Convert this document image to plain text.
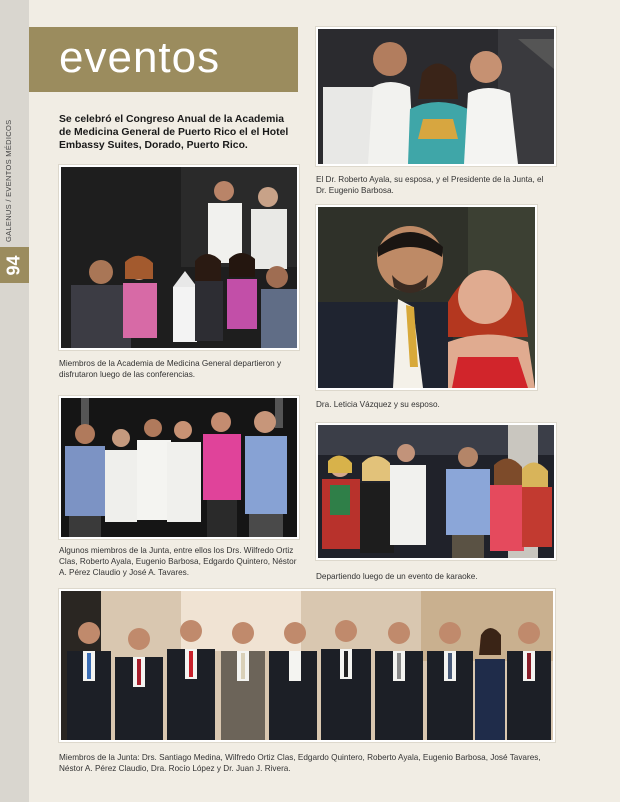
GALENUS / EVENTOS MÉDICOS
94
eventos
Se celebró el Congreso Anual de la Academia de Medicina General de Puerto Rico el el Hotel Embassy Suites, Dorado, Puerto Rico.
El Dr. Roberto Ayala, su esposa, y el Presidente de la Junta, el Dr. Eugenio Barbosa.
Miembros de la Academia de Medicina General departieron y disfrutaron luego de las conferencias.
Dra. Leticia Vázquez y su esposo.
Algunos miembros de la Junta, entre ellos los Drs. Wilfredo Ortiz Clas, Roberto Ayala, Eugenio Barbosa, Edgardo Quintero, Néstor A. Pérez Claudio y José A. Tavares.	Departiendo luego de un evento de karaoke.
Miembros de la Junta: Drs. Santiago Medina, Wilfredo Ortiz Clas, Edgardo Quintero, Roberto Ayala, Eugenio Barbosa, José Tavares, Néstor A. Pérez Claudio, Dra. Rocío López y Dr. Juan J. Rivera.
